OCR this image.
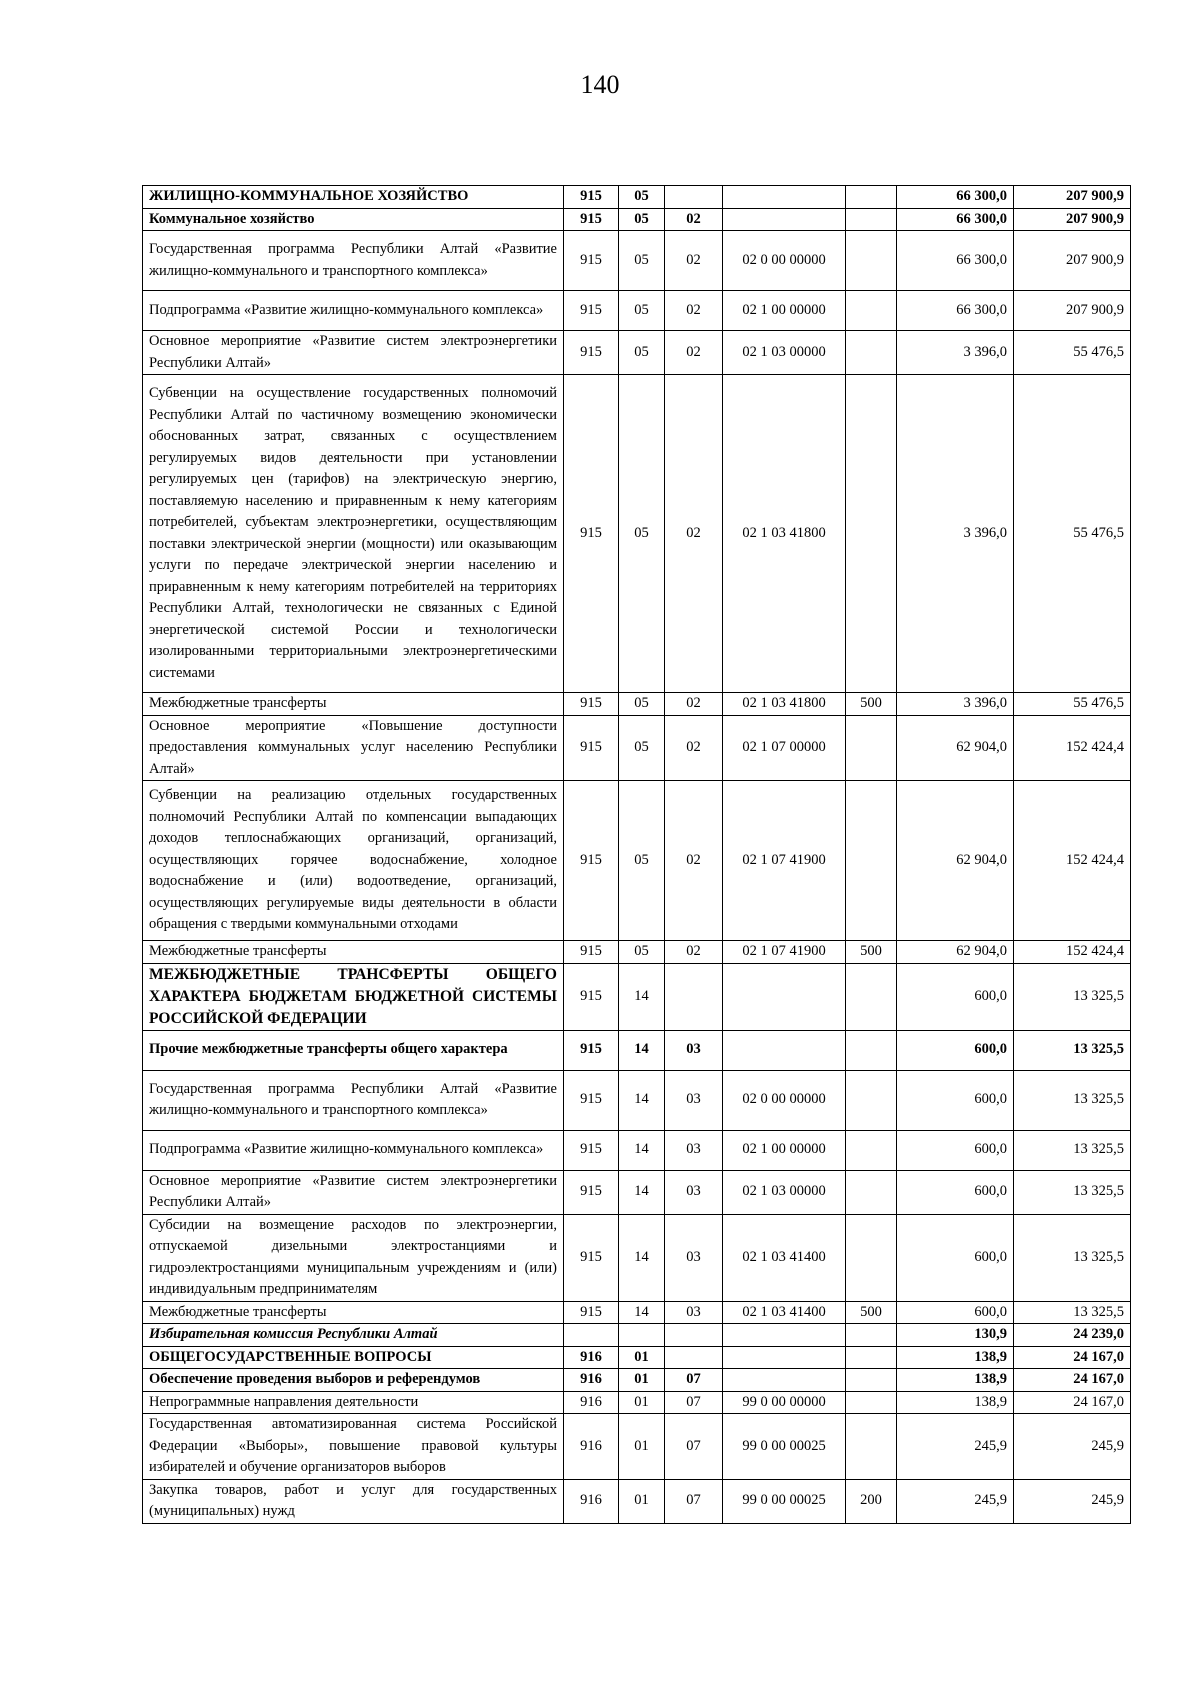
140
ЖИЛИЩНО-КОММУНАЛЬНОЕ ХОЗЯЙСТВО	915	05				66 300,0	207 900,9
Коммунальное хозяйство	915	05	02			66 300,0	207 900,9
Государственная программа Республики Алтай «Развитие жилищно-коммунального и транспортного комплекса»	915	05	02	02 0 00 00000		66 300,0	207 900,9
Подпрограмма «Развитие жилищно-коммунального комплекса»	915	05	02	02 1 00 00000		66 300,0	207 900,9
Основное мероприятие «Развитие систем электроэнергетики Республики Алтай»	915	05	02	02 1 03 00000		3 396,0	55 476,5
Субвенции на осуществление государственных полномочий Республики Алтай по частичному возмещению экономически обоснованных затрат, связанных с осуществлением регулируемых видов деятельности при установлении регулируемых цен (тарифов) на электрическую энергию, поставляемую населению и приравненным к нему категориям потребителей, субъектам электроэнергетики, осуществляющим поставки электрической энергии (мощности) или оказывающим услуги по передаче электрической энергии населению и приравненным к нему категориям потребителей на территориях Республики Алтай, технологически не связанных с Единой энергетической системой России и технологически изолированными территориальными электроэнергетическими системами	915	05	02	02 1 03 41800		3 396,0	55 476,5
Межбюджетные трансферты	915	05	02	02 1 03 41800	500	3 396,0	55 476,5
Основное мероприятие «Повышение доступности предоставления коммунальных услуг населению Республики Алтай»	915	05	02	02 1 07 00000		62 904,0	152 424,4
Субвенции на реализацию отдельных государственных полномочий Республики Алтай по компенсации выпадающих доходов теплоснабжающих организаций, организаций, осуществляющих горячее водоснабжение, холодное водоснабжение и (или) водоотведение, организаций, осуществляющих регулируемые виды деятельности в области обращения с твердыми коммунальными отходами	915	05	02	02 1 07 41900		62 904,0	152 424,4
Межбюджетные трансферты	915	05	02	02 1 07 41900	500	62 904,0	152 424,4
МЕЖБЮДЖЕТНЫЕ ТРАНСФЕРТЫ ОБЩЕГО ХАРАКТЕРА БЮДЖЕТАМ БЮДЖЕТНОЙ СИСТЕМЫ РОССИЙСКОЙ ФЕДЕРАЦИИ	915	14				600,0	13 325,5
Прочие межбюджетные трансферты общего характера	915	14	03			600,0	13 325,5
Государственная программа Республики Алтай «Развитие жилищно-коммунального и транспортного комплекса»	915	14	03	02 0 00 00000		600,0	13 325,5
Подпрограмма «Развитие жилищно-коммунального комплекса»	915	14	03	02 1 00 00000		600,0	13 325,5
Основное мероприятие «Развитие систем электроэнергетики Республики Алтай»	915	14	03	02 1 03 00000		600,0	13 325,5
Субсидии на возмещение расходов по электроэнергии, отпускаемой дизельными электростанциями и гидроэлектростанциями муниципальным учреждениям и (или) индивидуальным предпринимателям	915	14	03	02 1 03 41400		600,0	13 325,5
Межбюджетные трансферты	915	14	03	02 1 03 41400	500	600,0	13 325,5
Избирательная комиссия Республики Алтай						130,9	24 239,0
ОБЩЕГОСУДАРСТВЕННЫЕ ВОПРОСЫ	916	01				138,9	24 167,0
Обеспечение проведения выборов и референдумов	916	01	07			138,9	24 167,0
Непрограммные направления деятельности	916	01	07	99 0 00 00000		138,9	24 167,0
Государственная автоматизированная система Российской Федерации «Выборы», повышение правовой культуры избирателей и обучение организаторов выборов	916	01	07	99 0 00 00025		245,9	245,9
Закупка товаров, работ и услуг для государственных (муниципальных) нужд	916	01	07	99 0 00 00025	200	245,9	245,9
